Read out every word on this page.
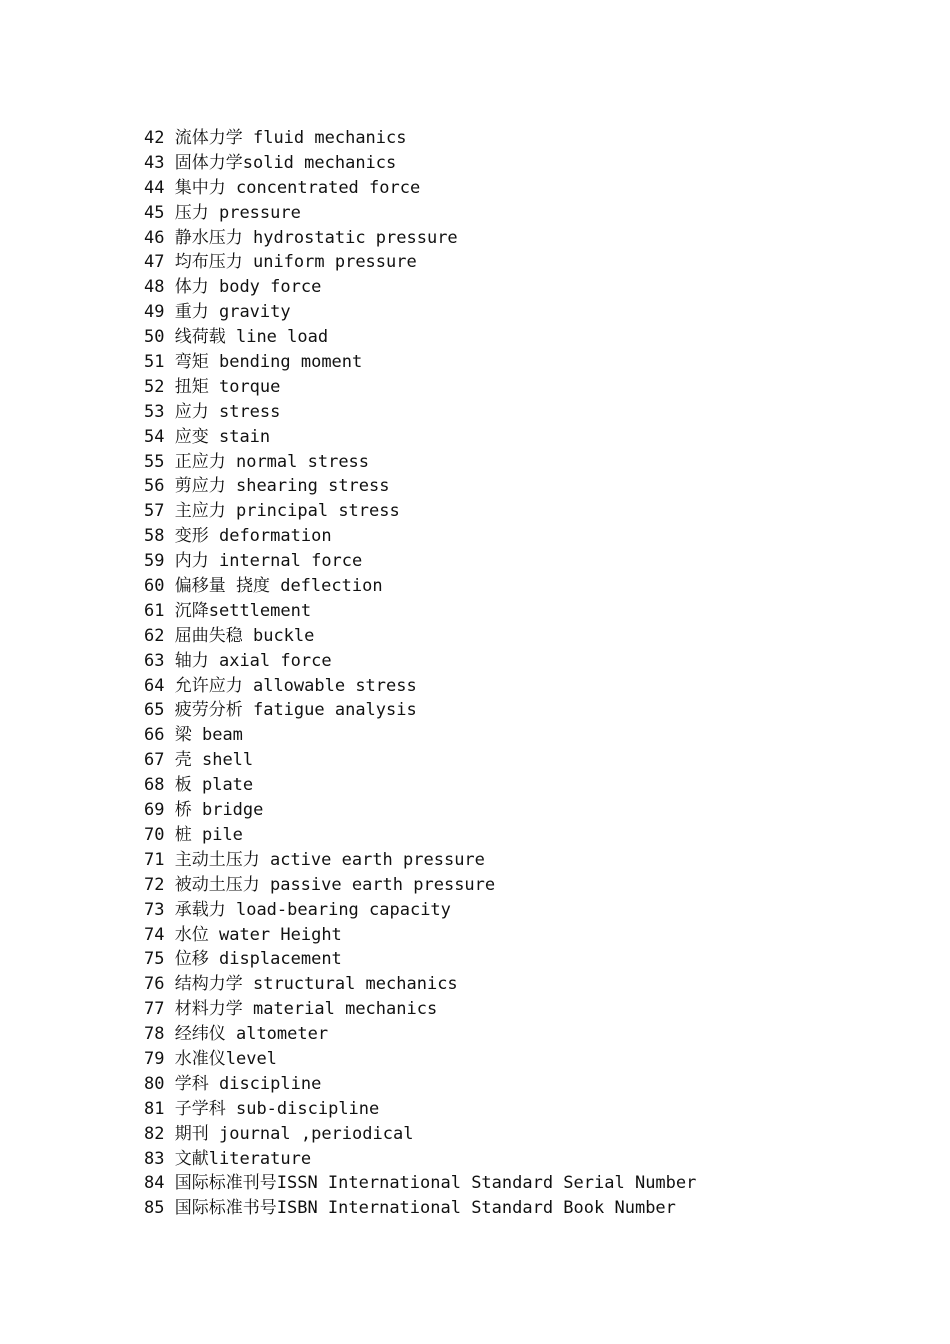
42 流体力学 fluid mechanics
43 固体力学solid mechanics
44 集中力 concentrated force
45 压力 pressure
46 静水压力 hydrostatic pressure
47 均布压力 uniform pressure
48 体力 body force
49 重力 gravity
50 线荷载 line load
51 弯矩 bending moment
52 扭矩 torque
53 应力 stress
54 应变 stain
55 正应力 normal stress
56 剪应力 shearing stress
57 主应力 principal stress
58 变形 deformation
59 内力 internal force
60 偏移量 挠度 deflection
61 沉降settlement
62 屈曲失稳 buckle
63 轴力 axial force
64 允许应力 allowable stress
65 疲劳分析 fatigue analysis
66 梁 beam
67 壳 shell
68 板 plate
69 桥 bridge
70 桩 pile
71 主动土压力 active earth pressure
72 被动土压力 passive earth pressure
73 承载力 load-bearing capacity
74 水位 water Height
75 位移 displacement
76 结构力学 structural mechanics
77 材料力学 material mechanics
78 经纬仪 altometer
79 水准仪level
80 学科 discipline
81 子学科 sub-discipline
82 期刊 journal ,periodical
83 文献literature
84 国际标准刊号ISSN International Standard Serial Number
85 国际标准书号ISBN International Standard Book Number
